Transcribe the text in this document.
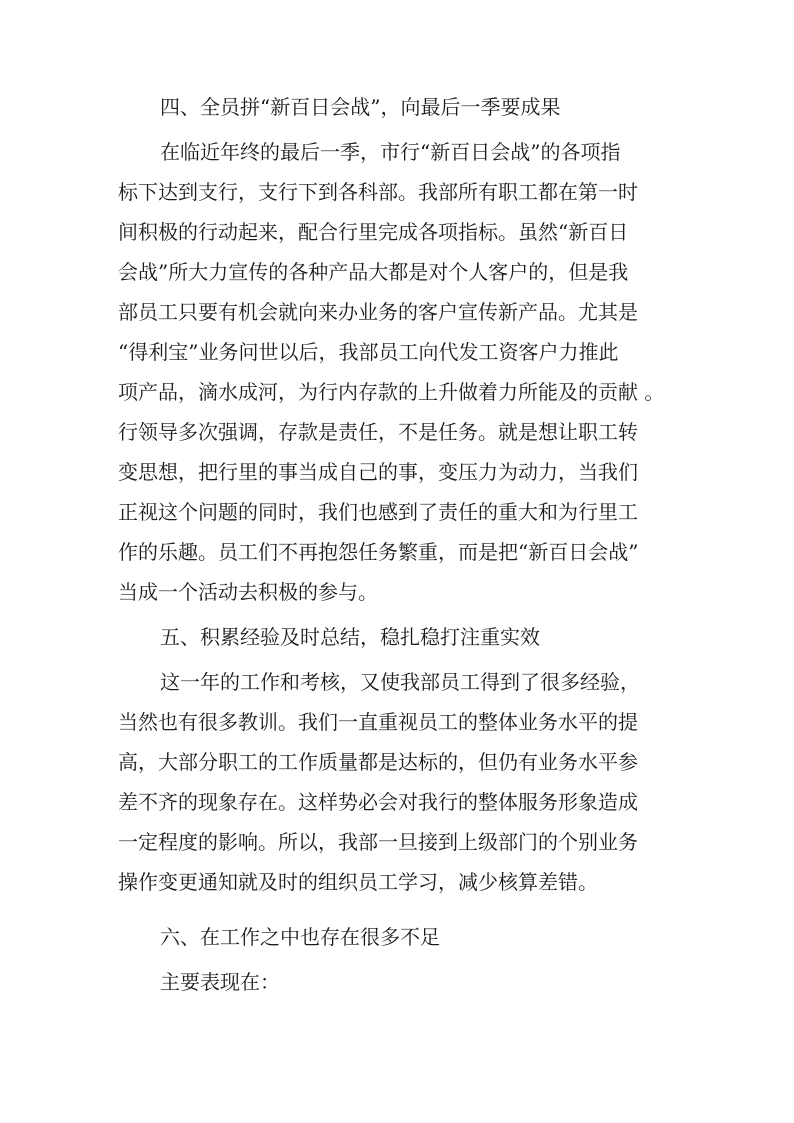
四、全员拼“新百日会战”，向最后一季要成果

在临近年终的最后一季，市行“新百日会战”的各项指

标下达到支行，支行下到各科部。我部所有职工都在第一时

间积极的行动起来，配合行里完成各项指标。虽然“新百日

会战”所大力宣传的各种产品大都是对个人客户的，但是我

部员工只要有机会就向来办业务的客户宣传新产品。尤其是

“得利宝”业务问世以后，我部员工向代发工资客户力推此

项产品，滴水成河，为行内存款的上升做着力所能及的贡献 。

行领导多次强调，存款是责任，不是任务。就是想让职工转

变思想，把行里的事当成自己的事，变压力为动力，当我们

正视这个问题的同时，我们也感到了责任的重大和为行里工

作的乐趣。员工们不再抱怨任务繁重，而是把“新百日会战”

当成一个活动去积极的参与。

五、积累经验及时总结，稳扎稳打注重实效

这一年的工作和考核，又使我部员工得到了很多经验，

当然也有很多教训。我们一直重视员工的整体业务水平的提

高，大部分职工的工作质量都是达标的，但仍有业务水平参

差不齐的现象存在。这样势必会对我行的整体服务形象造成

一定程度的影响。所以，我部一旦接到上级部门的个别业务

操作变更通知就及时的组织员工学习，减少核算差错。

六、在工作之中也存在很多不足

主要表现在：
